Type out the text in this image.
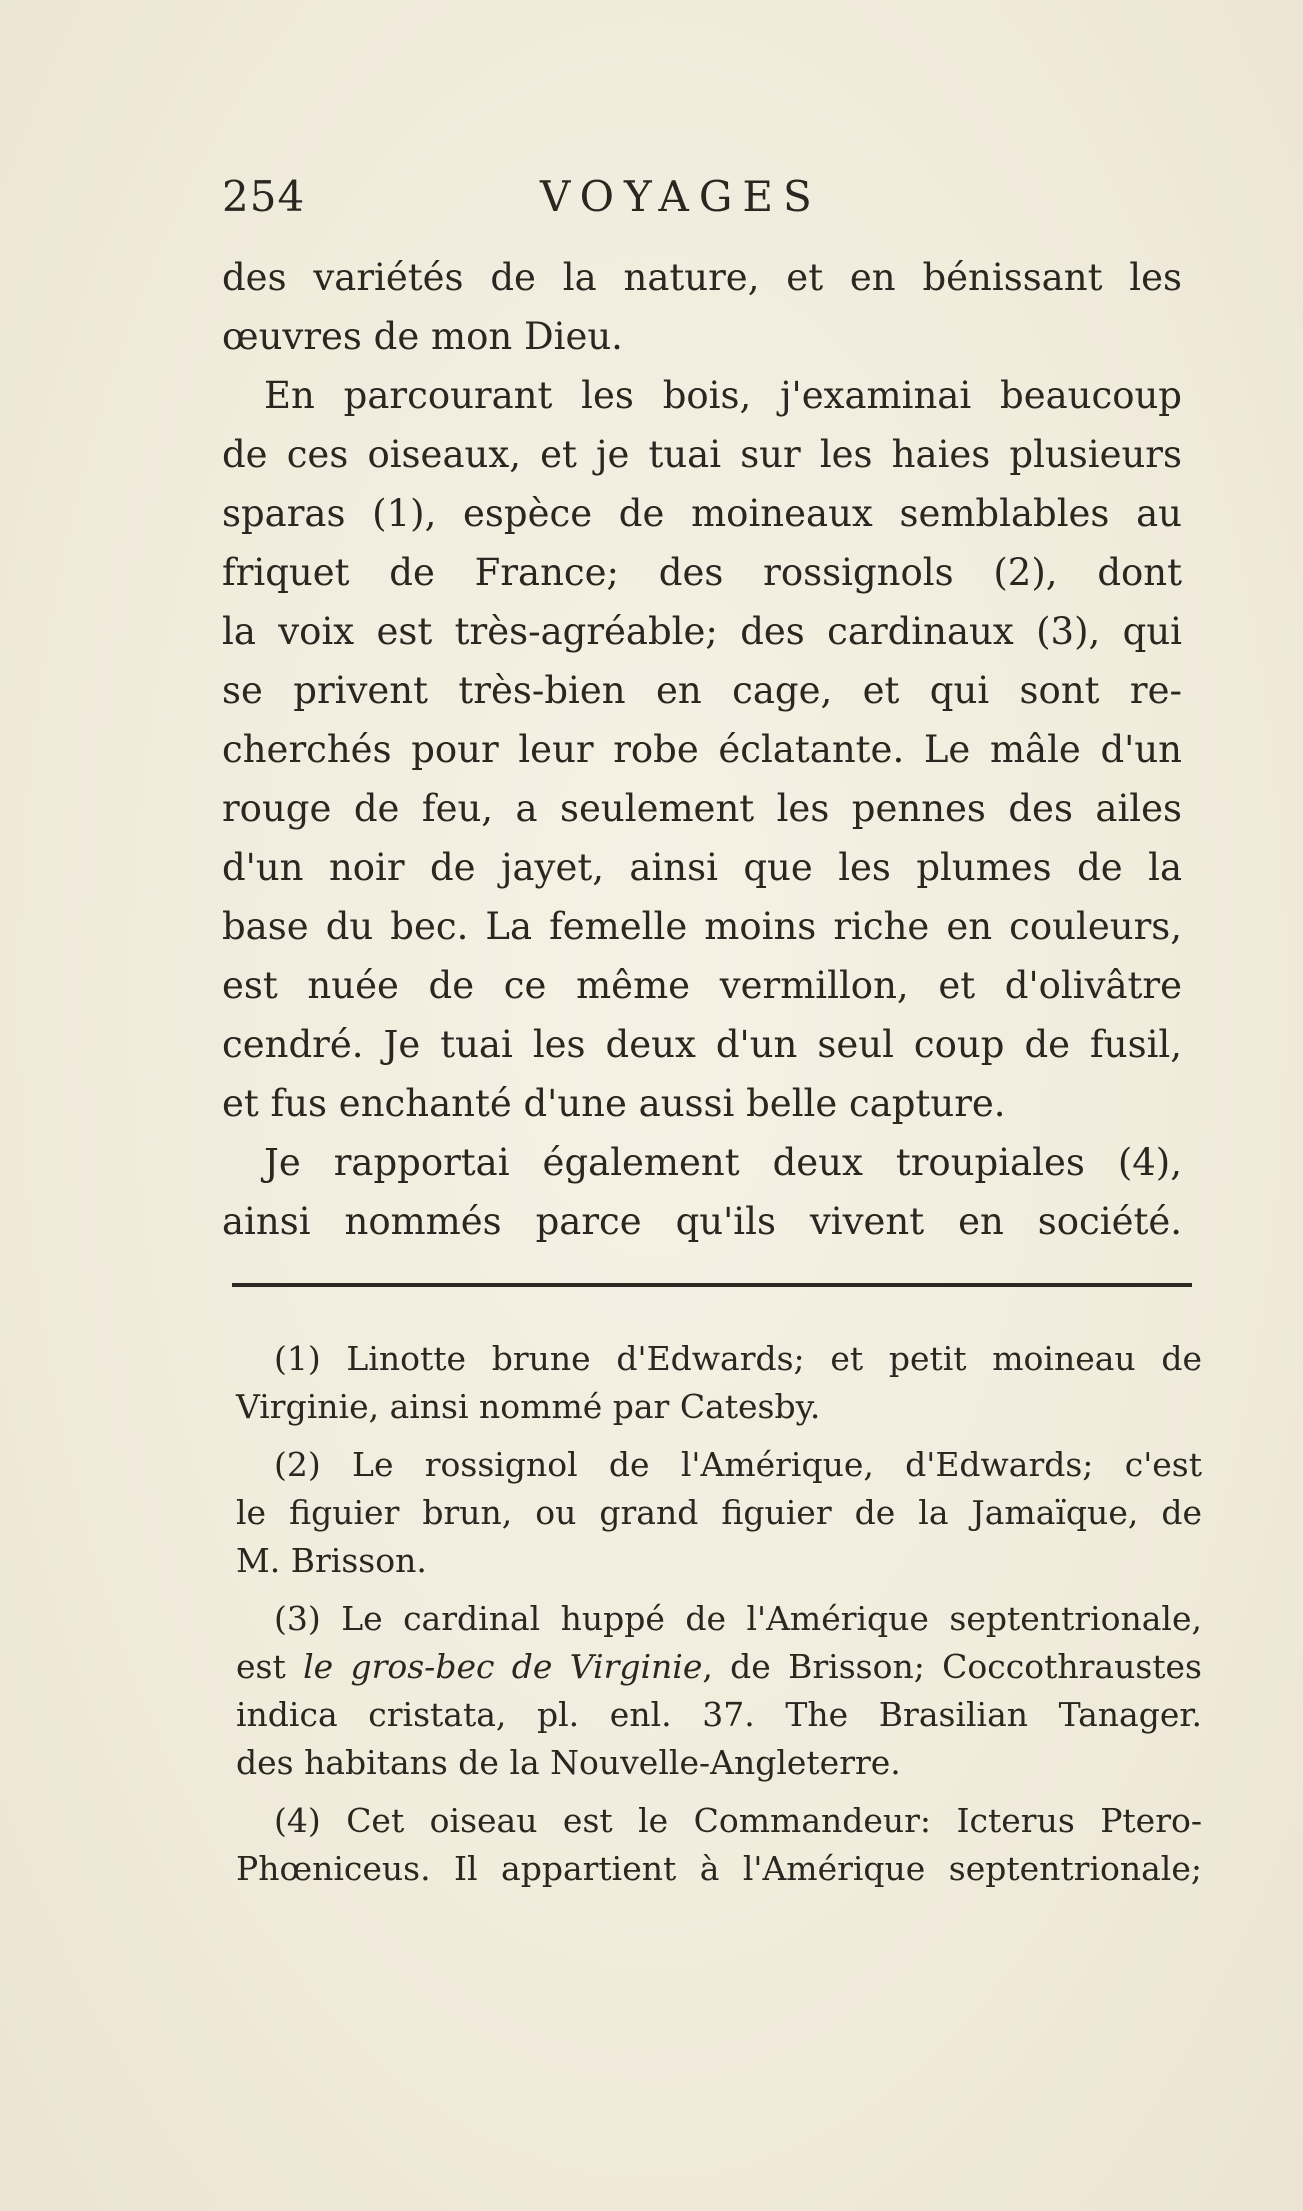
254	VOYAGES
des variétés de la nature, et en bénissant les
œuvres de mon Dieu.
En parcourant les bois, j'examinai beaucoup
de ces oiseaux, et je tuai sur les haies plusieurs
sparas (1), espèce de moineaux semblables au
friquet de France; des rossignols (2), dont
la voix est très-agréable; des cardinaux (3), qui
se privent très-bien en cage, et qui sont re-
cherchés pour leur robe éclatante. Le mâle d'un
rouge de feu, a seulement les pennes des ailes
d'un noir de jayet, ainsi que les plumes de la
base du bec. La femelle moins riche en couleurs,
est nuée de ce même vermillon, et d'olivâtre
cendré. Je tuai les deux d'un seul coup de fusil,
et fus enchanté d'une aussi belle capture.
Je rapportai également deux troupiales (4),
ainsi nommés parce qu'ils vivent en société.
(1) Linotte brune d'Edwards; et petit moineau de
Virginie, ainsi nommé par Catesby.
(2) Le rossignol de l'Amérique, d'Edwards; c'est
le figuier brun, ou grand figuier de la Jamaïque, de
M. Brisson.
(3) Le cardinal huppé de l'Amérique septentrionale,
est le gros-bec de Virginie, de Brisson; Coccothraustes
indica cristata, pl. enl. 37. The Brasilian Tanager.
des habitans de la Nouvelle-Angleterre.
(4) Cet oiseau est le Commandeur: Icterus Ptero-
Phœniceus. Il appartient à l'Amérique septentrionale;
